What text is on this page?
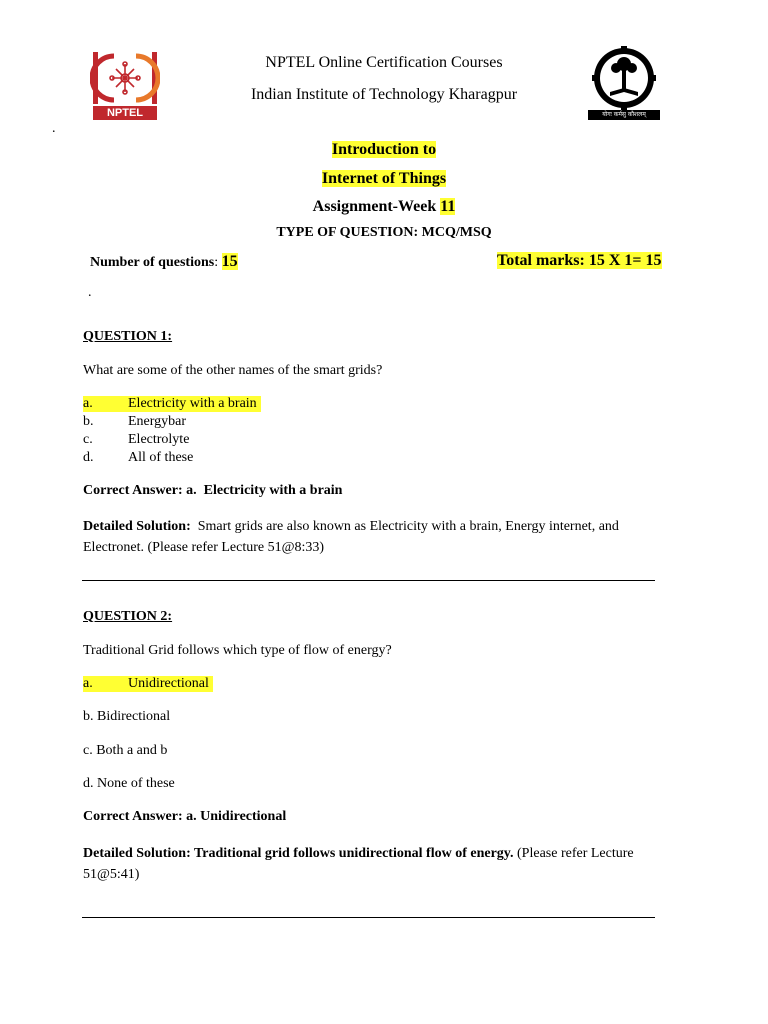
NPTEL	योगः कर्मसु कौशलम्
NPTEL Online Certification Courses
Indian Institute of Technology Kharagpur
.
Introduction to
Internet of Things
Assignment-Week 11
TYPE OF QUESTION: MCQ/MSQ
Number of questions: 15	Total marks: 15 X 1= 15
.
QUESTION 1:
What are some of the other names of the smart grids?
a.	Electricity with a brain
b. Energybar
c.	Electrolyte
d. All of these
Correct Answer: a.  Electricity with a brain
Detailed Solution:  Smart grids are also known as Electricity with a brain, Energy internet, and
Electronet. (Please refer Lecture 51@8:33)
QUESTION 2:
Traditional Grid follows which type of flow of energy?
a.	Unidirectional
b. Bidirectional
c. Both a and b
d. None of these
Correct Answer: a. Unidirectional
Detailed Solution: Traditional grid follows unidirectional flow of energy. (Please refer Lecture
51@5:41)
